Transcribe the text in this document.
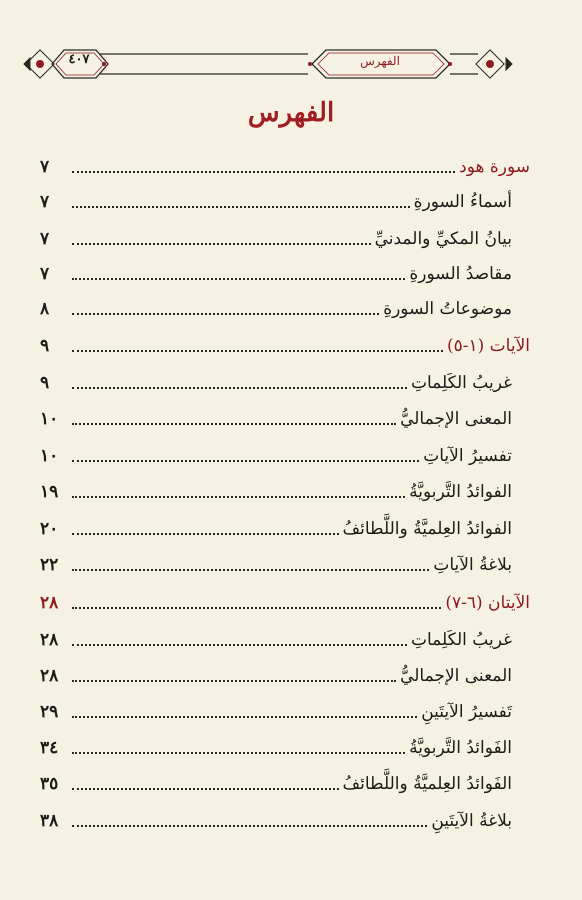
الفهرس
٤٠٧
الفهرس
سورة هود
٧
أسماءُ السورةِ
٧
بيانُ المكيِّ والمدنيِّ
٧
مقاصدُ السورةِ
٧
موضوعاتُ السورةِ
٨
الآيات (١-٥)
٩
غريبُ الكَلِماتِ
٩
المعنى الإجماليُّ
١٠
تفسيرُ الآياتِ
١٠
الفوائدُ التَّربويَّةُ
١٩
الفوائدُ العِلميَّةُ واللَّطائفُ
٢٠
بلاغةُ الآياتِ
٢٢
الآيتان (٦-٧)
٢٨
غريبُ الكَلِماتِ
٢٨
المعنى الإجماليُّ
٢٨
تَفسيرُ الآيتَينِ
٢٩
الفَوائدُ التَّربويَّةُ
٣٤
الفَوائدُ العِلميَّةُ واللَّطائفُ
٣٥
بلاغةُ الآيتَينِ
٣٨
